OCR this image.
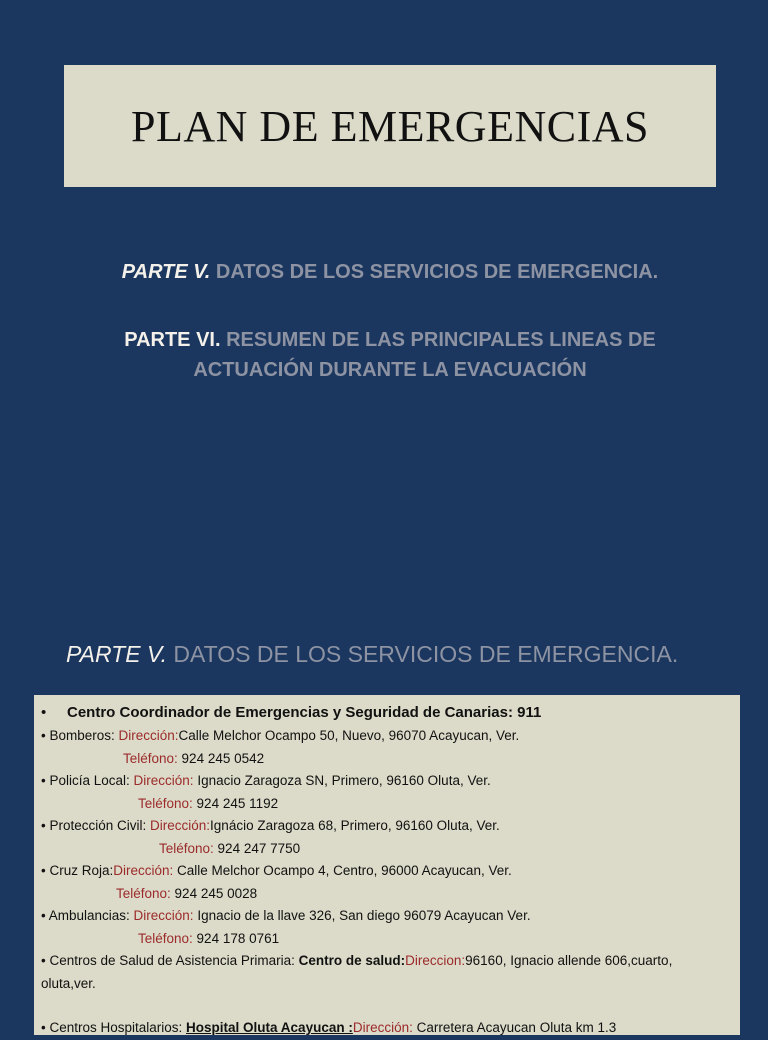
PLAN DE EMERGENCIAS
PARTE V. DATOS DE LOS SERVICIOS DE EMERGENCIA.
PARTE VI. RESUMEN DE LAS PRINCIPALES LINEAS DE ACTUACIÓN DURANTE LA EVACUACIÓN
PARTE V. DATOS DE LOS SERVICIOS DE EMERGENCIA.
•	Centro Coordinador de Emergencias y Seguridad de Canarias: 911
• Bomberos: Dirección:Calle Melchor Ocampo 50, Nuevo, 96070 Acayucan, Ver.
Teléfono: 924 245 0542
• Policía Local: Dirección: Ignacio Zaragoza SN, Primero, 96160 Oluta, Ver.
Teléfono: 924 245 1192
• Protección Civil: Dirección:Ignácio Zaragoza 68, Primero, 96160 Oluta, Ver.
Teléfono: 924 247 7750
• Cruz Roja:Dirección: Calle Melchor Ocampo 4, Centro, 96000 Acayucan, Ver.
Teléfono: 924 245 0028
• Ambulancias: Dirección: Ignacio de la llave 326, San diego 96079 Acayucan Ver.
Teléfono: 924 178 0761
• Centros de Salud de Asistencia Primaria: Centro de salud:Direccion:96160, Ignacio allende 606,cuarto, oluta,ver.
• Centros Hospitalarios: Hospital Oluta Acayucan :Dirección: Carretera Acayucan Oluta km 1.3
